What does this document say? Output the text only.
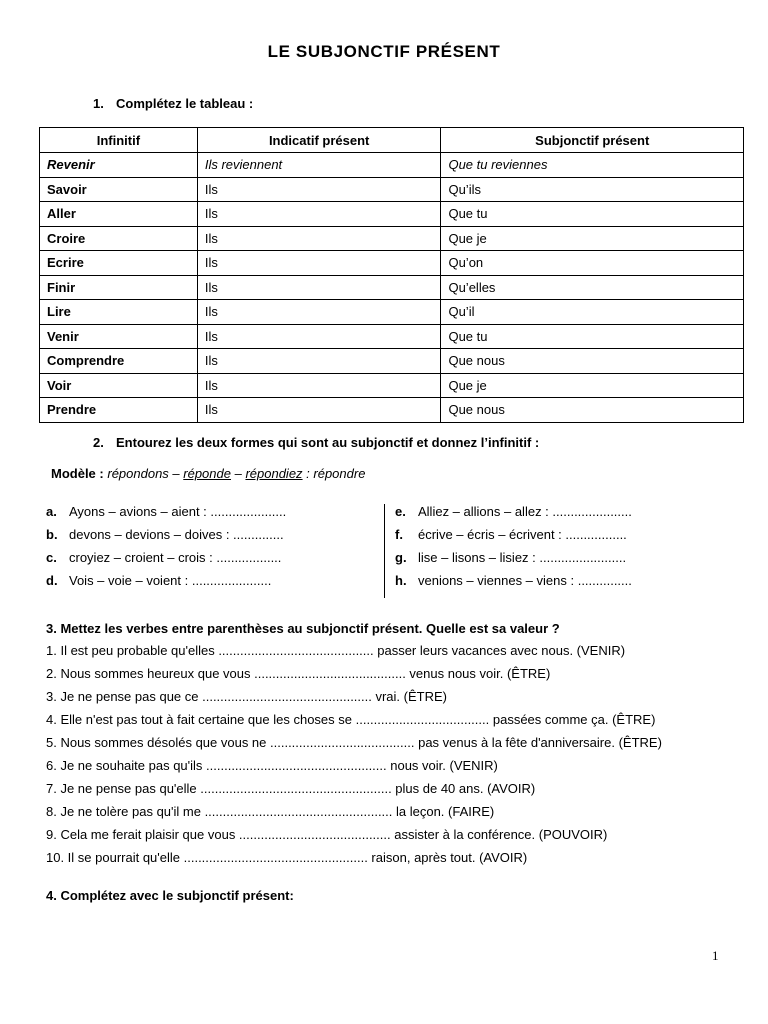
LE SUBJONCTIF PRÉSENT
1. Complétez le tableau :
Infinitif	Indicatif présent	Subjonctif présent
Revenir	Ils reviennent	Que tu reviennes
Savoir	Ils	Qu’ils
Aller	Ils	Que tu
Croire	Ils	Que je
Ecrire	Ils	Qu’on
Finir	Ils	Qu’elles
Lire	Ils	Qu’il
Venir	Ils	Que tu
Comprendre	Ils	Que nous
Voir	Ils	Que je
Prendre	Ils	Que nous
2. Entourez les deux formes qui sont au subjonctif et donnez l’infinitif :
Modèle : répondons – réponde – répondiez : répondre
a. Ayons – avions – aient : .....................
b. devons – devions – doives : ..............
c. croyiez – croient – crois : ..................
d. Vois – voie – voient : ......................
e. Alliez – allions – allez : ......................
f. écrive – écris – écrivent : .................
g. lise – lisons – lisiez : ........................
h. venions – viennes – viens : ...............
3. Mettez les verbes entre parenthèses au subjonctif présent. Quelle est sa valeur ?
1. Il est peu probable qu'elles ........................................... passer leurs vacances avec nous. (VENIR)
2. Nous sommes heureux que vous .......................................... venus nous voir. (ÊTRE)
3. Je ne pense pas que ce ............................................... vrai. (ÊTRE)
4. Elle n'est pas tout à fait certaine que les choses se ..................................... passées comme ça. (ÊTRE)
5. Nous sommes désolés que vous ne ........................................ pas venus à la fête d'anniversaire. (ÊTRE)
6. Je ne souhaite pas qu'ils .................................................. nous voir. (VENIR)
7. Je ne pense pas qu'elle ..................................................... plus de 40 ans. (AVOIR)
8. Je ne tolère pas qu'il me .................................................... la leçon. (FAIRE)
9. Cela me ferait plaisir que vous .......................................... assister à la conférence. (POUVOIR)
10. Il se pourrait qu'elle ................................................... raison, après tout. (AVOIR)
4. Complétez avec le subjonctif présent:
1
